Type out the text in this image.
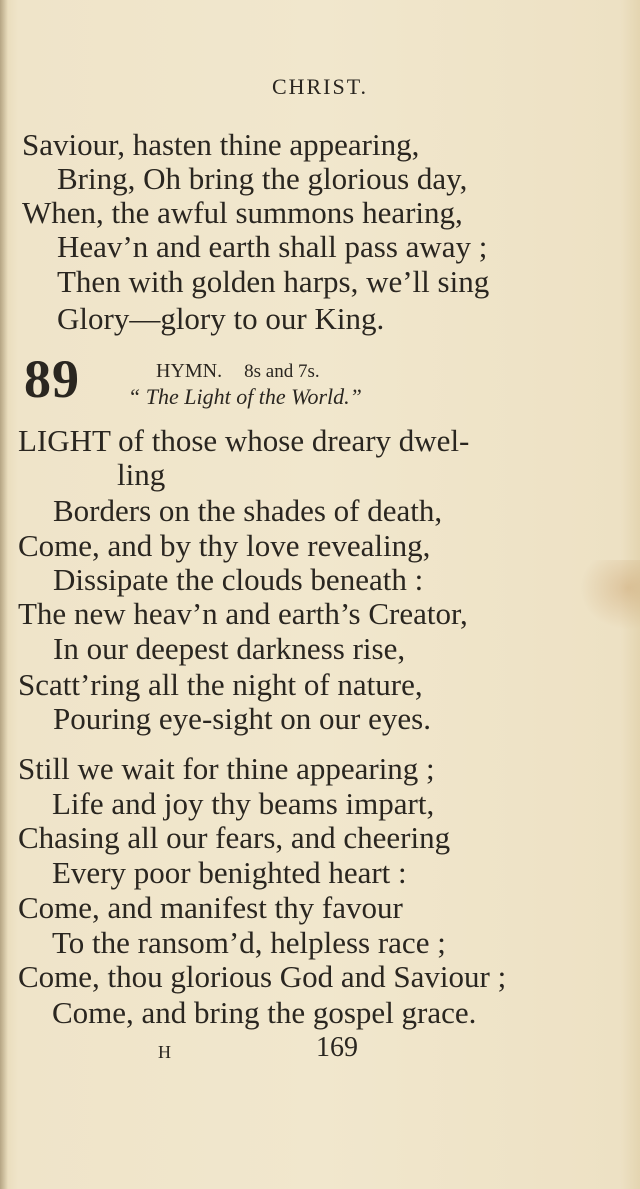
CHRIST.
Saviour, hasten thine appearing,
Bring, Oh bring the glorious day,
When, the awful summons hearing,
Heav’n and earth shall pass away ;
Then with golden harps, we’ll sing
Glory—glory to our King.
89	HYMN. 8s and 7s.
“ The Light of the World.”
LIGHT of those whose dreary dwel-
ling
Borders on the shades of death,
Come, and by thy love revealing,
Dissipate the clouds beneath :
The new heav’n and earth’s Creator,
In our deepest darkness rise,
Scatt’ring all the night of nature,
Pouring eye-sight on our eyes.
Still we wait for thine appearing ;
Life and joy thy beams impart,
Chasing all our fears, and cheering
Every poor benighted heart :
Come, and manifest thy favour
To the ransom’d, helpless race ;
Come, thou glorious God and Saviour ;
Come, and bring the gospel grace.
H	169
